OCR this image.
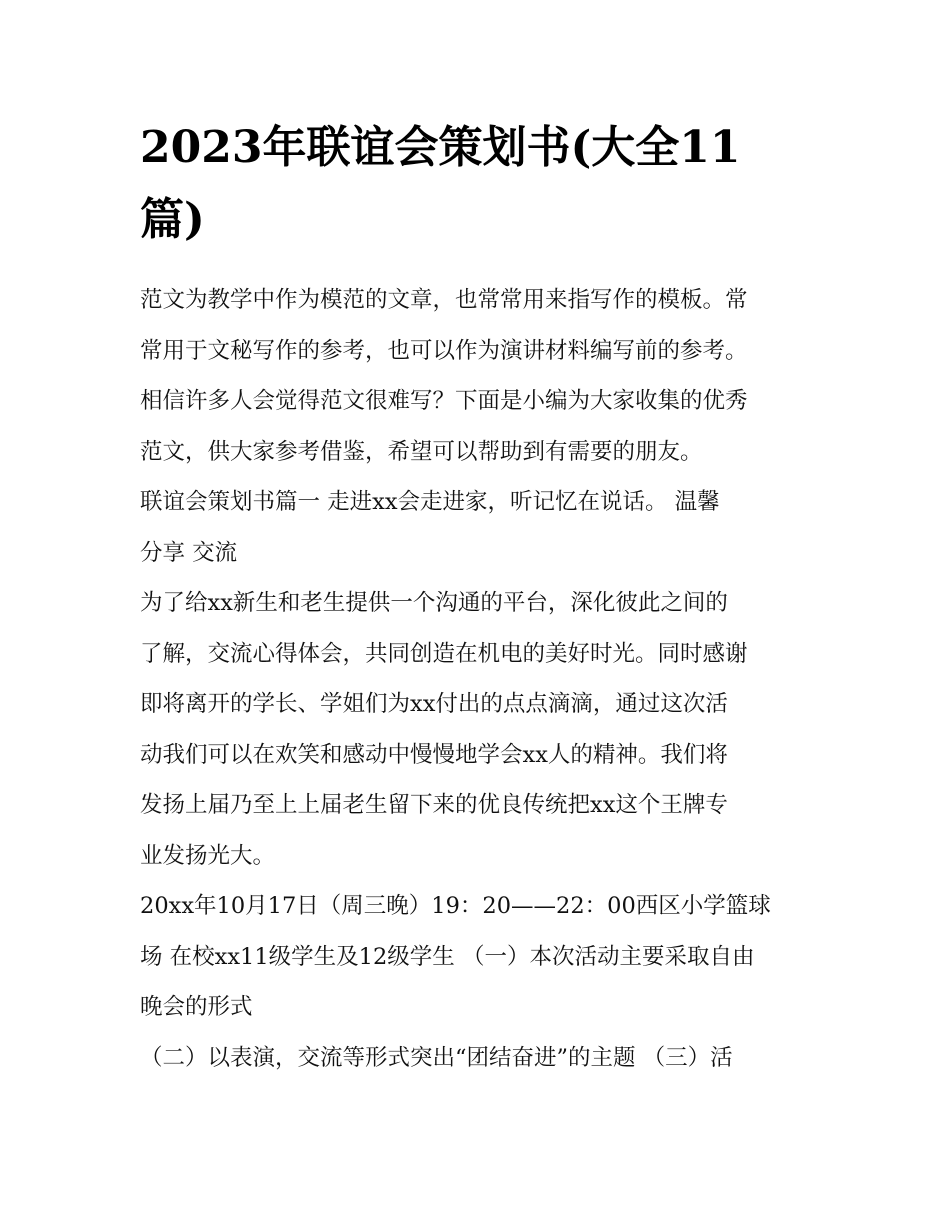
2023年联谊会策划书(大全11
篇)
范文为教学中作为模范的文章，也常常用来指写作的模板。常
常用于文秘写作的参考，也可以作为演讲材料编写前的参考。
相信许多人会觉得范文很难写？下面是小编为大家收集的优秀
范文，供大家参考借鉴，希望可以帮助到有需要的朋友。
联谊会策划书篇一 走进xx会走进家，听记忆在说话。 温馨
分享 交流
为了给xx新生和老生提供一个沟通的平台，深化彼此之间的
了解，交流心得体会，共同创造在机电的美好时光。同时感谢
即将离开的学长、学姐们为xx付出的点点滴滴，通过这次活
动我们可以在欢笑和感动中慢慢地学会xx人的精神。我们将
发扬上届乃至上上届老生留下来的优良传统把xx这个王牌专
业发扬光大。
20xx年10月17日（周三晚）19：20——22：00西区小学篮球
场 在校xx11级学生及12级学生 （一）本次活动主要采取自由
晚会的形式
（二）以表演，交流等形式突出“团结奋进”的主题 （三）活
